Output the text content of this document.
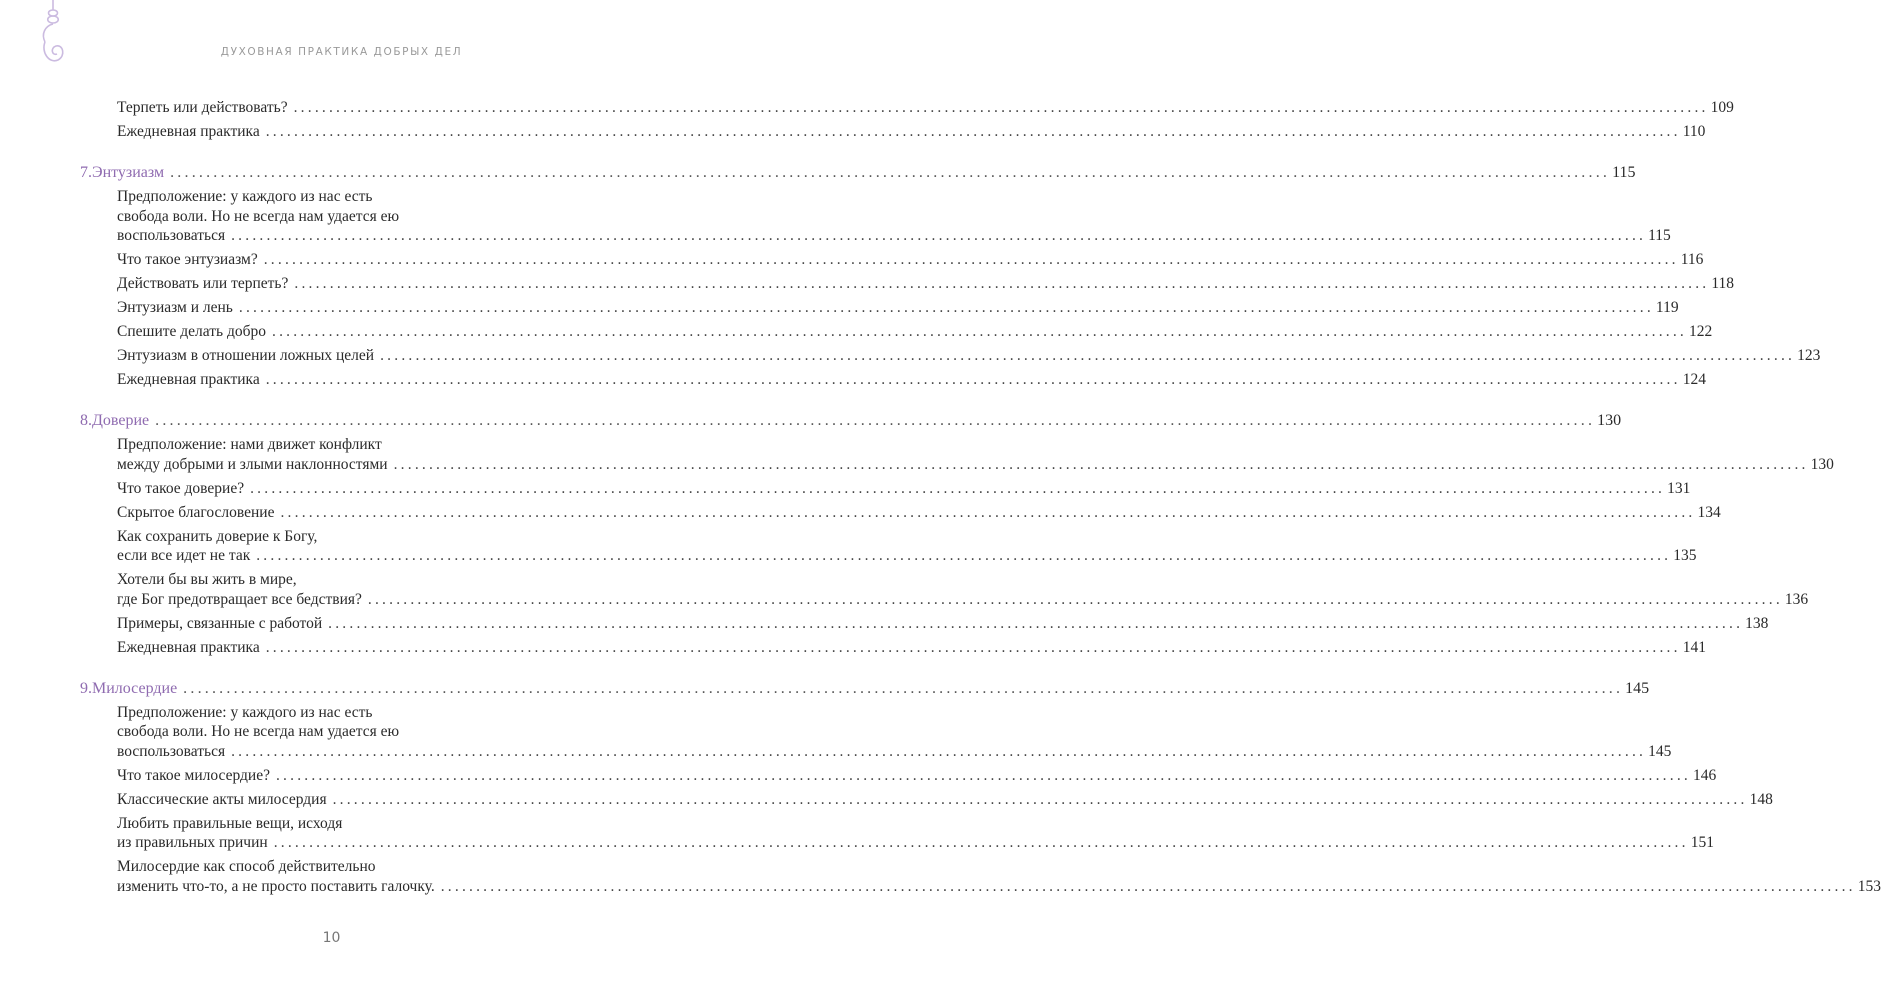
ДУХОВНАЯ ПРАКТИКА ДОБРЫХ ДЕЛ
Терпеть или действовать? ........................................................................................................................................................................................................ 109
Ежедневная практика ........................................................................................................................................................................................................ 110
7. Энтузиазм ........................................................................................................................................................................................................ 115
Предположение: у каждого из нас есть
свобода воли. Но не всегда нам удается ею
воспользоваться ........................................................................................................................................................................................................ 115
Что такое энтузиазм? ........................................................................................................................................................................................................ 116
Действовать или терпеть? ........................................................................................................................................................................................................ 118
Энтузиазм и лень ........................................................................................................................................................................................................ 119
Спешите делать добро ........................................................................................................................................................................................................ 122
Энтузиазм в отношении ложных целей ........................................................................................................................................................................................................ 123
Ежедневная практика ........................................................................................................................................................................................................ 124
8. Доверие ........................................................................................................................................................................................................ 130
Предположение: нами движет конфликт
между добрыми и злыми наклонностями ........................................................................................................................................................................................................ 130
Что такое доверие? ........................................................................................................................................................................................................ 131
Скрытое благословение ........................................................................................................................................................................................................ 134
Как сохранить доверие к Богу,
если все идет не так ........................................................................................................................................................................................................ 135
Хотели бы вы жить в мире,
где Бог предотвращает все бедствия? ........................................................................................................................................................................................................ 136
Примеры, связанные с работой ........................................................................................................................................................................................................ 138
Ежедневная практика ........................................................................................................................................................................................................ 141
9. Милосердие ........................................................................................................................................................................................................ 145
Предположение: у каждого из нас есть
свобода воли. Но не всегда нам удается ею
воспользоваться ........................................................................................................................................................................................................ 145
Что такое милосердие? ........................................................................................................................................................................................................ 146
Классические акты милосердия ........................................................................................................................................................................................................ 148
Любить правильные вещи, исходя
из правильных причин ........................................................................................................................................................................................................ 151
Милосердие как способ действительно
изменить что-то, а не просто поставить галочку. ........................................................................................................................................................................................................ 153
10
